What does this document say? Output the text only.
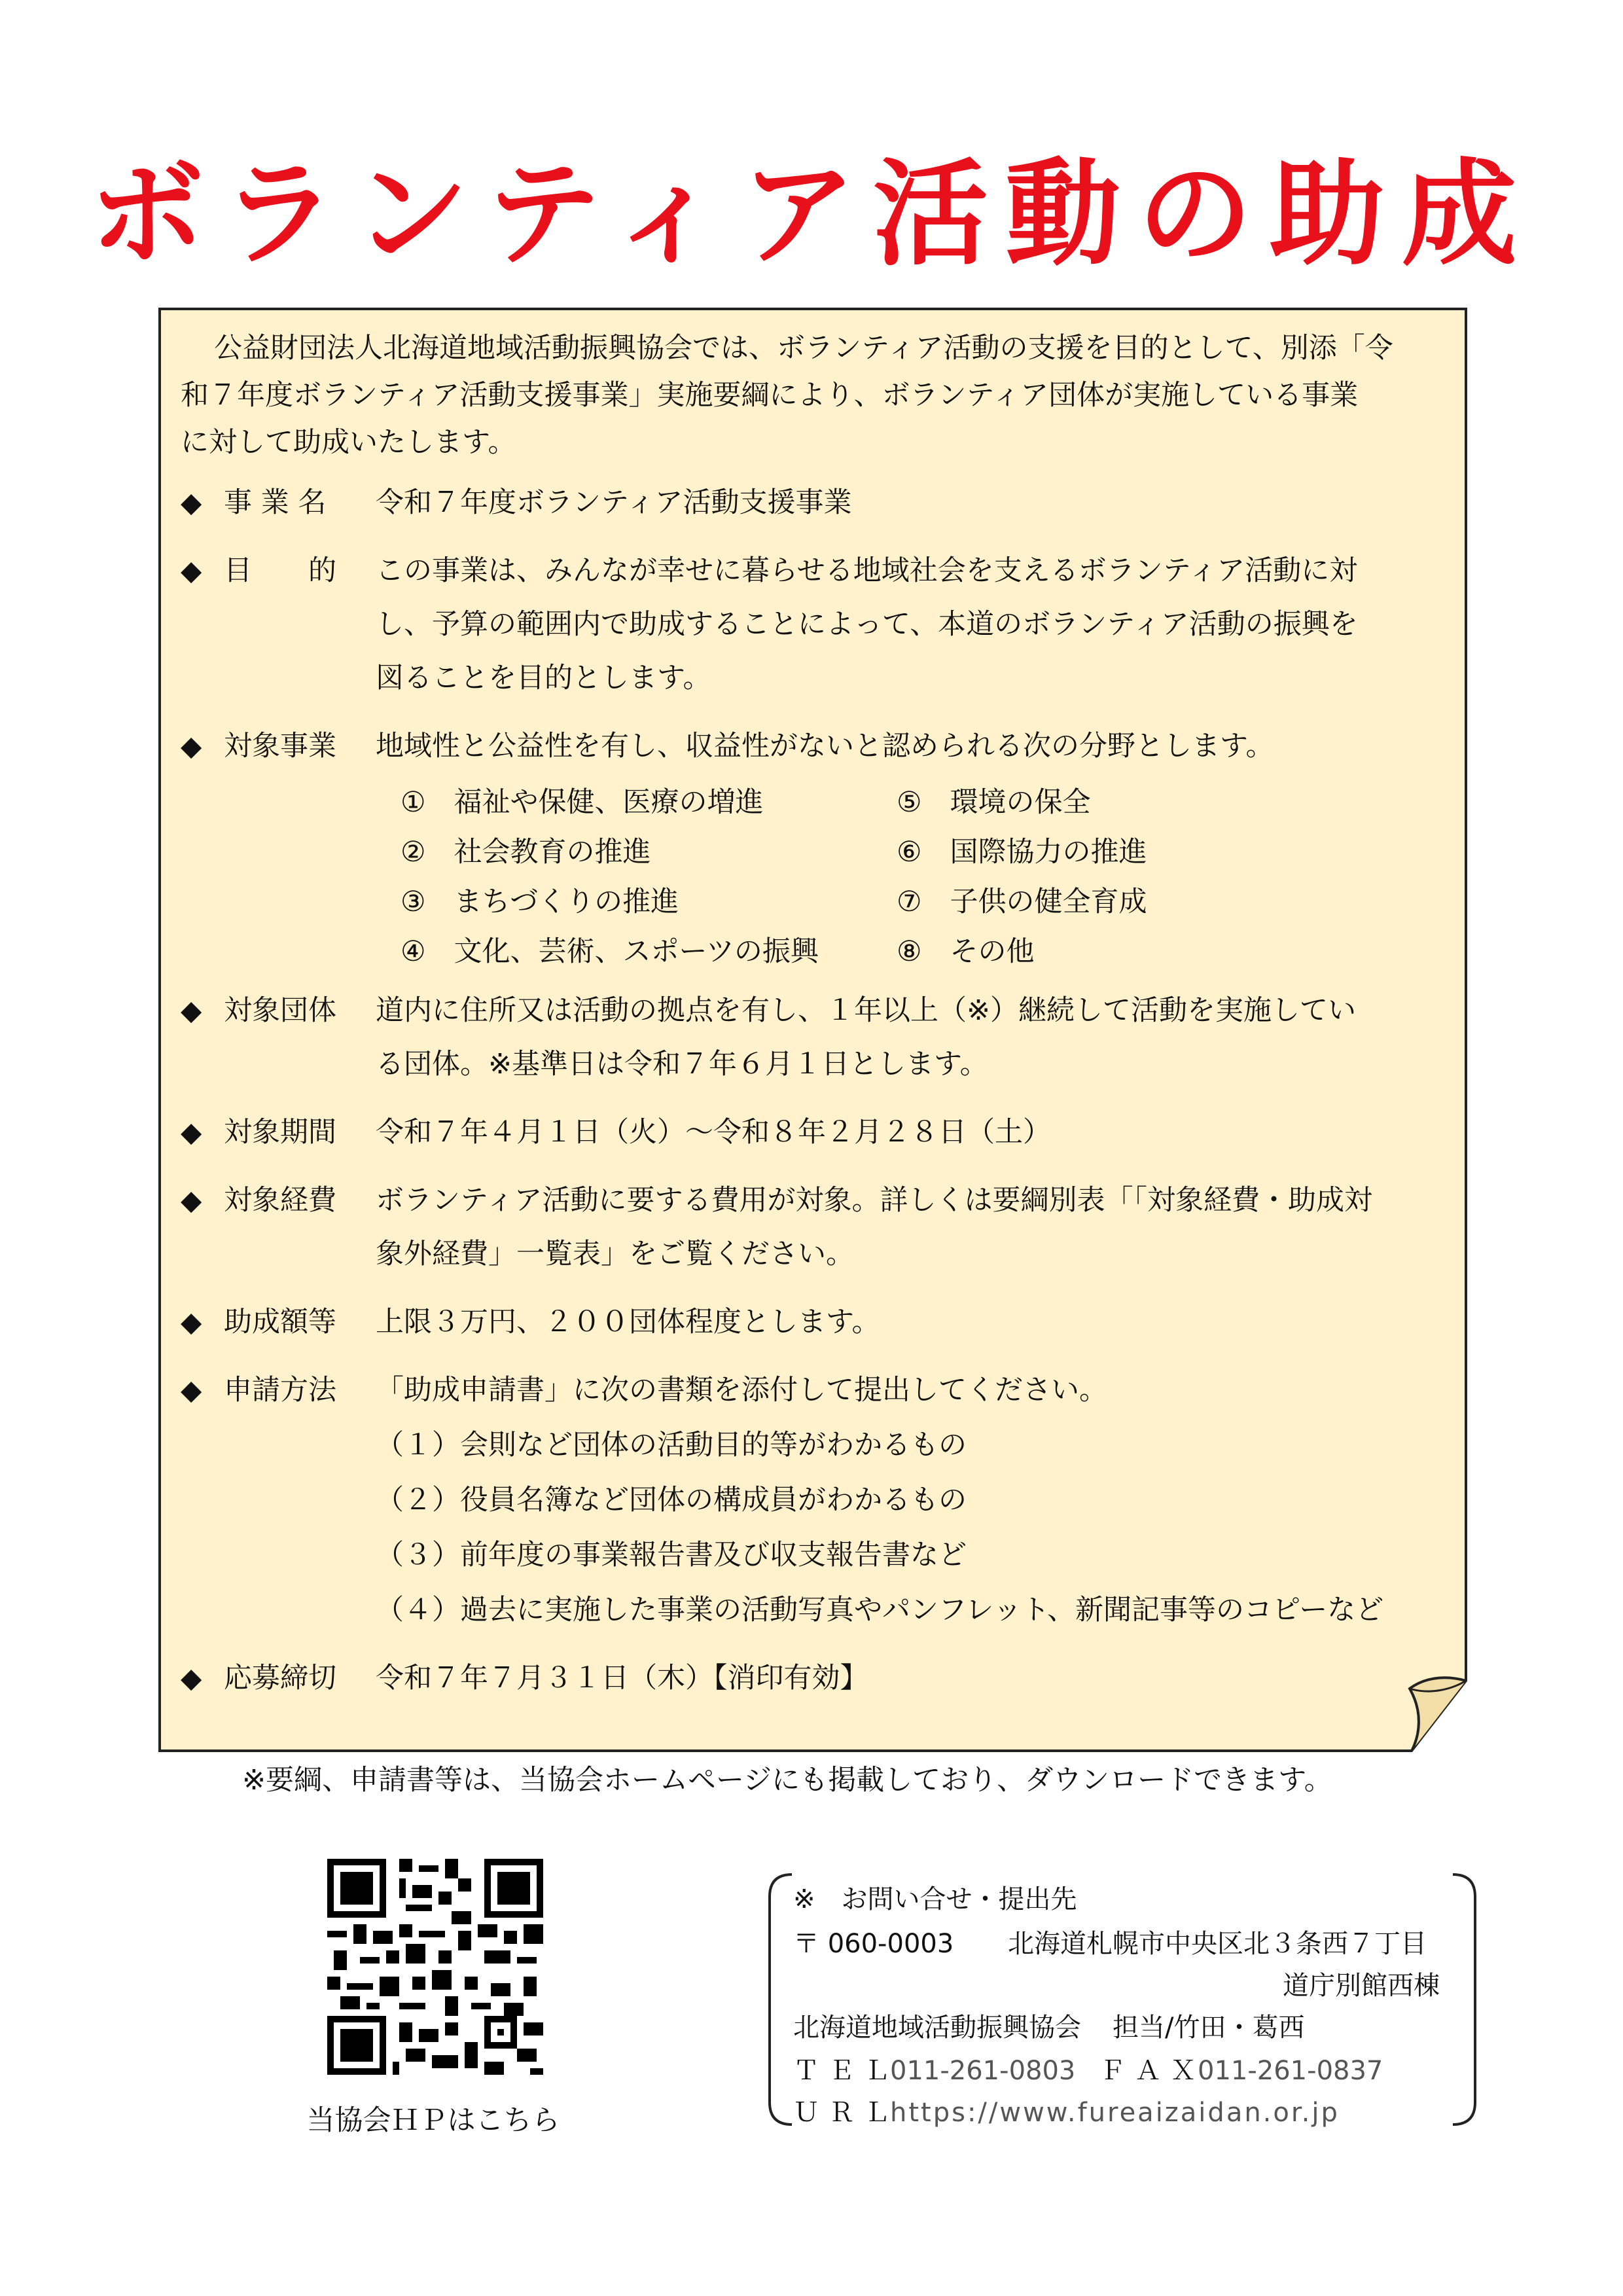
ボランティア活動の助成
　公益財団法人北海道地域活動振興協会では、ボランティア活動の支援を目的として、別添「令
和７年度ボランティア活動支援事業」実施要綱により、ボランティア団体が実施している事業
に対して助成いたします。
◆ 事 業 名 令和７年度ボランティア活動支援事業
◆ 目　　的 この事業は、みんなが幸せに暮らせる地域社会を支えるボランティア活動に対
し、予算の範囲内で助成することによって、本道のボランティア活動の振興を
図ることを目的とします。
◆ 対象事業 地域性と公益性を有し、収益性がないと認められる次の分野とします。
①　福祉や保健、医療の増進
②　社会教育の推進
③　まちづくりの推進
④　文化、芸術、スポーツの振興
⑤　環境の保全
⑥　国際協力の推進
⑦　子供の健全育成
⑧　その他
◆ 対象団体 道内に住所又は活動の拠点を有し、１年以上（※）継続して活動を実施してい
る団体。※基準日は令和７年６月１日とします。
◆ 対象期間 令和７年４月１日（火）～令和８年２月２８日（土）
◆ 対象経費 ボランティア活動に要する費用が対象。詳しくは要綱別表「「対象経費・助成対
象外経費」一覧表」をご覧ください。
◆ 助成額等 上限３万円、２００団体程度とします。
◆ 申請方法 「助成申請書」に次の書類を添付して提出してください。
（１）会則など団体の活動目的等がわかるもの
（２）役員名簿など団体の構成員がわかるもの
（３）前年度の事業報告書及び収支報告書など
（４）過去に実施した事業の活動写真やパンフレット、新聞記事等のコピーなど
◆ 応募締切 令和７年７月３１日（木）【消印有効】
※要綱、申請書等は、当協会ホームページにも掲載しており、ダウンロードできます。
当協会ＨＰはこちら
※　お問い合せ・提出先
〒 060-0003 北海道札幌市中央区北３条西７丁目
道庁別館西棟
北海道地域活動振興協会 担当/竹田・葛西
ＴＥＬ
011-261-0803 ＦＡＸ
011-261-0837
ＵＲＬ
https://www.fureaizaidan.or.jp
